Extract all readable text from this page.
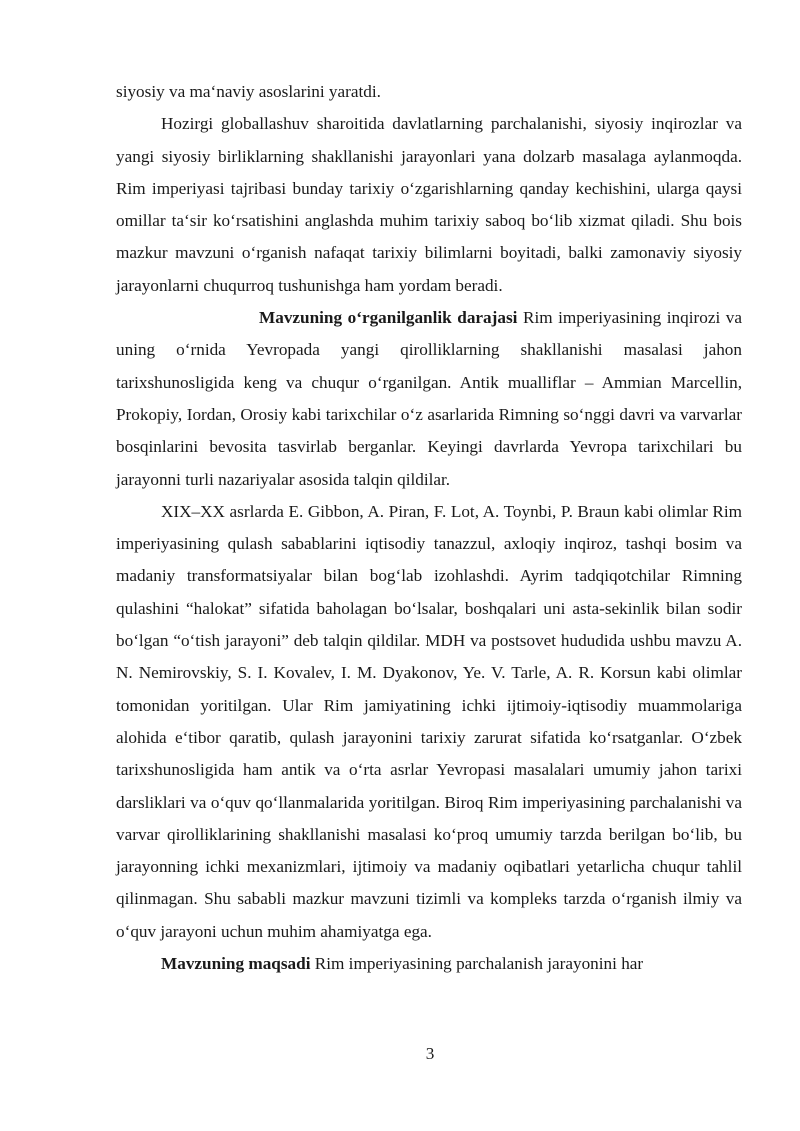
siyosiy va ma‘naviy asoslarini yaratdi.

Hozirgi globallashuv sharoitida davlatlarning parchalanishi, siyosiy inqirozlar va yangi siyosiy birliklarning shakllanishi jarayonlari yana dolzarb masalaga aylanmoqda. Rim imperiyasi tajribasi bunday tarixiy o‘zgarishlarning qanday kechishini, ularga qaysi omillar ta‘sir ko‘rsatishini anglashda muhim tarixiy saboq bo‘lib xizmat qiladi. Shu bois mazkur mavzuni o‘rganish nafaqat tarixiy bilimlarni boyitadi, balki zamonaviy siyosiy jarayonlarni chuqurroq tushunishga ham yordam beradi.

Mavzuning o‘rganilganlik darajasi Rim imperiyasining inqirozi va uning o‘rnida Yevropada yangi qirolliklarning shakllanishi masalasi jahon tarixshunosligida keng va chuqur o‘rganilgan. Antik mualliflar – Ammian Marcellin, Prokopiy, Iordan, Orosiy kabi tarixchilar o‘z asarlarida Rimning so‘nggi davri va varvarlar bosqinlarini bevosita tasvirlab berganlar. Keyingi davrlarda Yevropa tarixchilari bu jarayonni turli nazariyalar asosida talqin qildilar.

XIX–XX asrlarda E. Gibbon, A. Piran, F. Lot, A. Toynbi, P. Braun kabi olimlar Rim imperiyasining qulash sabablarini iqtisodiy tanazzul, axloqiy inqiroz, tashqi bosim va madaniy transformatsiyalar bilan bog‘lab izohlashdi. Ayrim tadqiqotchilar Rimning qulashini “halokat” sifatida baholagan bo‘lsalar, boshqalari uni asta-sekinlik bilan sodir bo‘lgan “o‘tish jarayoni” deb talqin qildilar. MDH va postsovet hududida ushbu mavzu A. N. Nemirovskiy, S. I. Kovalev, I. M. Dyakonov, Ye. V. Tarle, A. R. Korsun kabi olimlar tomonidan yoritilgan. Ular Rim jamiyatining ichki ijtimoiy-iqtisodiy muammolariga alohida e‘tibor qaratib, qulash jarayonini tarixiy zarurat sifatida ko‘rsatganlar. O‘zbek tarixshunosligida ham antik va o‘rta asrlar Yevropasi masalalari umumiy jahon tarixi darsliklari va o‘quv qo‘llanmalarida yoritilgan. Biroq Rim imperiyasining parchalanishi va varvar qirolliklarining shakllanishi masalasi ko‘proq umumiy tarzda berilgan bo‘lib, bu jarayonning ichki mexanizmlari, ijtimoiy va madaniy oqibatlari yetarlicha chuqur tahlil qilinmagan. Shu sababli mazkur mavzuni tizimli va kompleks tarzda o‘rganish ilmiy va o‘quv jarayoni uchun muhim ahamiyatga ega.

Mavzuning maqsadi Rim imperiyasining parchalanish jarayonini har

3
